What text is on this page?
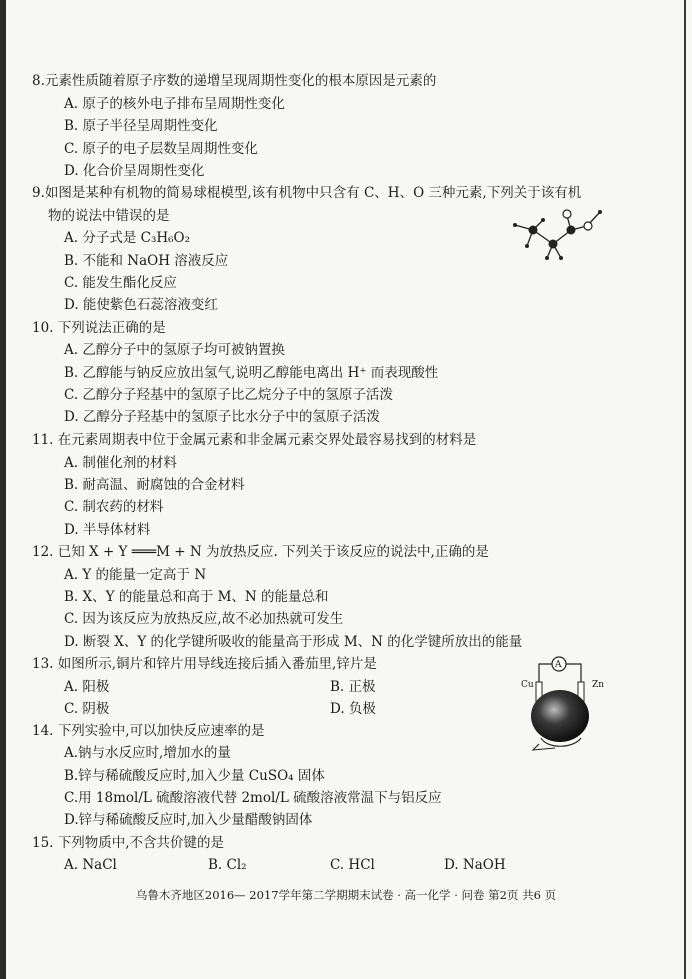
8.元素性质随着原子序数的递增呈现周期性变化的根本原因是元素的
A. 原子的核外电子排布呈周期性变化
B. 原子半径呈周期性变化
C. 原子的电子层数呈周期性变化
D. 化合价呈周期性变化
9.如图是某种有机物的简易球棍模型,该有机物中只含有 C、H、O 三种元素,下列关于该有机
物的说法中错误的是
A. 分子式是 C₃H₆O₂
B. 不能和 NaOH 溶液反应
C. 能发生酯化反应
D. 能使紫色石蕊溶液变红
10. 下列说法正确的是
A. 乙醇分子中的氢原子均可被钠置换
B. 乙醇能与钠反应放出氢气,说明乙醇能电离出 H⁺ 而表现酸性
C. 乙醇分子羟基中的氢原子比乙烷分子中的氢原子活泼
D. 乙醇分子羟基中的氢原子比水分子中的氢原子活泼
11. 在元素周期表中位于金属元素和非金属元素交界处最容易找到的材料是
A. 制催化剂的材料
B. 耐高温、耐腐蚀的合金材料
C. 制农药的材料
D. 半导体材料
12. 已知 X + Y ═══M + N 为放热反应. 下列关于该反应的说法中,正确的是
A. Y 的能量一定高于 N
B. X、Y 的能量总和高于 M、N 的能量总和
C. 因为该反应为放热反应,故不必加热就可发生
D. 断裂 X、Y 的化学键所吸收的能量高于形成 M、N 的化学键所放出的能量
13. 如图所示,铜片和锌片用导线连接后插入番茄里,锌片是
A. 阳极	B. 正极
C. 阴极	D. 负极
A
Cu	Zn
14. 下列实验中,可以加快反应速率的是
A.钠与水反应时,增加水的量
B.锌与稀硫酸反应时,加入少量 CuSO₄ 固体
C.用 18mol/L 硫酸溶液代替 2mol/L 硫酸溶液常温下与铝反应
D.锌与稀硫酸反应时,加入少量醋酸钠固体
15. 下列物质中,不含共价键的是
A. NaCl	B. Cl₂	C. HCl	D. NaOH
乌鲁木齐地区2016— 2017学年第二学期期末试卷 · 高一化学 · 问卷 第2页 共6 页
